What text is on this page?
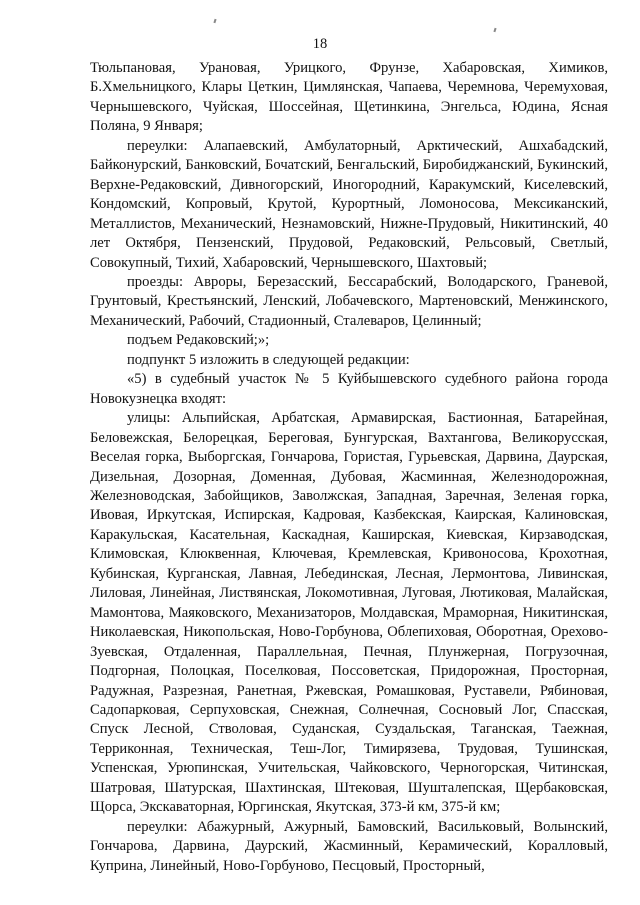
18

Тюльпановая, Урановая, Урицкого, Фрунзе, Хабаровская, Химиков, Б.Хмельницкого, Клары Цеткин, Цимлянская, Чапаева, Черемнова, Черемуховая, Чернышевского, Чуйская, Шоссейная, Щетинкина, Энгельса, Юдина, Ясная Поляна, 9 Января;

переулки: Алапаевский, Амбулаторный, Арктический, Ашхабадский, Байконурский, Банковский, Бочатский, Бенгальский, Биробиджанский, Букинский, Верхне-Редаковский, Дивногорский, Иногородний, Каракумский, Киселевский, Кондомский, Копровый, Крутой, Курортный, Ломоносова, Мексиканский, Металлистов, Механический, Незнамовский, Нижне-Прудовый, Никитинский, 40 лет Октября, Пензенский, Прудовой, Редаковский, Рельсовый, Светлый, Совокупный, Тихий, Хабаровский, Чернышевского, Шахтовый;

проезды: Авроры, Березасский, Бессарабский, Володарского, Граневой, Грунтовый, Крестьянский, Ленский, Лобачевского, Мартеновский, Менжинского, Механический, Рабочий, Стадионный, Сталеваров, Целинный;

подъем Редаковский;»;

подпункт 5 изложить в следующей редакции:

«5) в судебный участок № 5 Куйбышевского судебного района города Новокузнецка входят:

улицы: Альпийская, Арбатская, Армавирская, Бастионная, Батарейная, Беловежская, Белорецкая, Береговая, Бунгурская, Вахтангова, Великорусская, Веселая горка, Выборгская, Гончарова, Гористая, Гурьевская, Дарвина, Даурская, Дизельная, Дозорная, Доменная, Дубовая, Жасминная, Железнодорожная, Железноводская, Забойщиков, Заволжская, Западная, Заречная, Зеленая горка, Ивовая, Иркутская, Испирская, Кадровая, Казбекская, Каирская, Калиновская, Каракульская, Касательная, Каскадная, Каширская, Киевская, Кирзаводская, Климовская, Клюквенная, Ключевая, Кремлевская, Кривоносова, Крохотная, Кубинская, Курганская, Лавная, Лебединская, Лесная, Лермонтова, Ливинская, Лиловая, Линейная, Листвянская, Локомотивная, Луговая, Лютиковая, Малайская, Мамонтова, Маяковского, Механизаторов, Молдавская, Мраморная, Никитинская, Николаевская, Никопольская, Ново-Горбунова, Облепиховая, Оборотная, Орехово-Зуевская, Отдаленная, Параллельная, Печная, Плунжерная, Погрузочная, Подгорная, Полоцкая, Поселковая, Поссоветская, Придорожная, Просторная, Радужная, Разрезная, Ранетная, Ржевская, Ромашковая, Руставели, Рябиновая, Садопарковая, Серпуховская, Снежная, Солнечная, Сосновый Лог, Спасская, Спуск Лесной, Стволовая, Суданская, Суздальская, Таганская, Таежная, Терриконная, Техническая, Теш-Лог, Тимирязева, Трудовая, Тушинская, Успенская, Урюпинская, Учительская, Чайковского, Черногорская, Читинская, Шатровая, Шатурская, Шахтинская, Штековая, Шушталепская, Щербаковская, Щорса, Экскаваторная, Юргинская, Якутская, 373-й км, 375-й км;

переулки: Абажурный, Ажурный, Бамовский, Васильковый, Волынский, Гончарова, Дарвина, Даурский, Жасминный, Керамический, Коралловый, Куприна, Линейный, Ново-Горбуново, Песцовый, Просторный,
